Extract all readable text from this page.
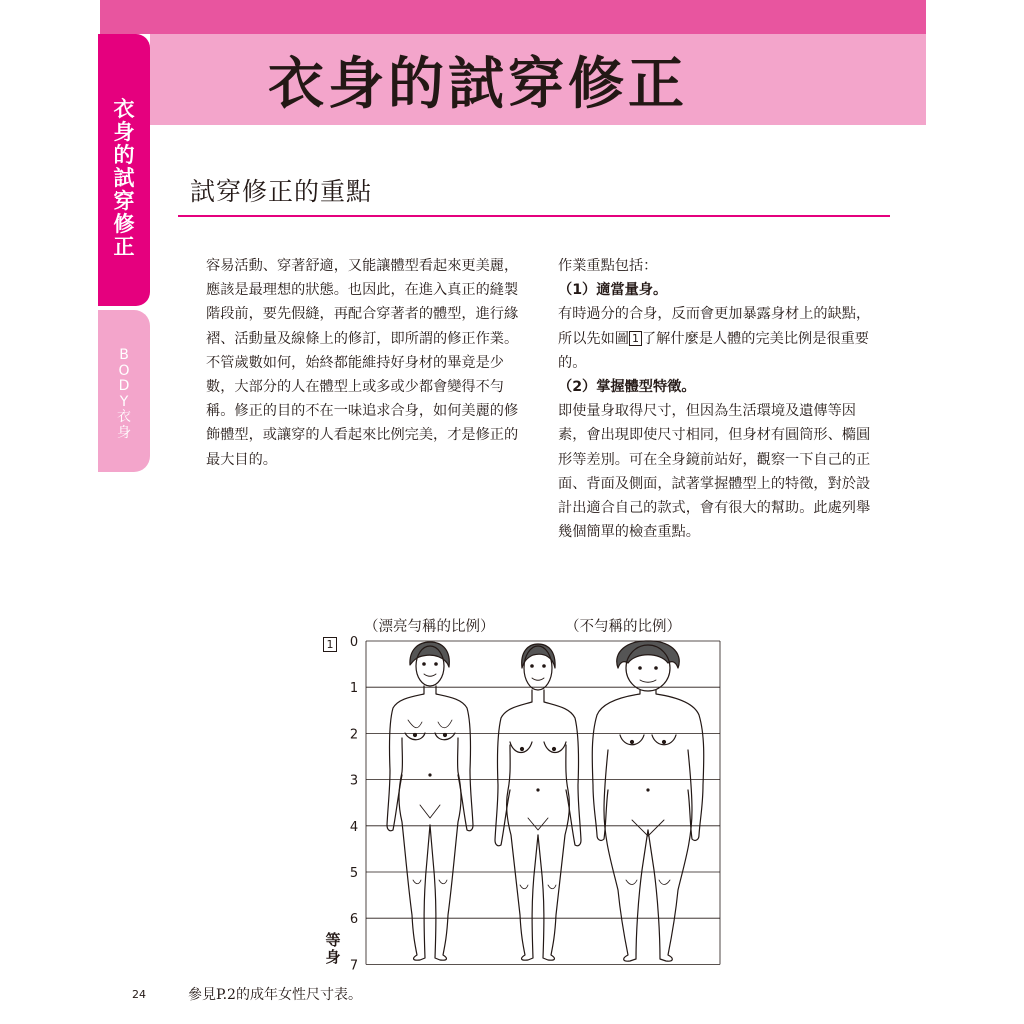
衣身的試穿修正
衣
身
的
試
穿
修
正
B
O
D
Y
衣
身
試穿修正的重點

容易活動、穿著舒適，又能讓體型看起來更美麗，

應該是最理想的狀態。也因此，在進入真正的縫製

階段前，要先假縫，再配合穿著者的體型，進行緣

褶、活動量及線條上的修訂，即所謂的修正作業。

不管歲數如何，始終都能維持好身材的畢竟是少

數，大部分的人在體型上或多或少都會變得不勻

稱。修正的目的不在一味追求合身，如何美麗的修

飾體型，或讓穿的人看起來比例完美，才是修正的

最大目的。

作業重點包括：

（1）適當量身。

有時過分的合身，反而會更加暴露身材上的缺點，

所以先如圖 1 了解什麼是人體的完美比例是很重要

的。

（2）掌握體型特徵。

即使量身取得尺寸，但因為生活環境及遺傳等因

素，會出現即使尺寸相同，但身材有圓筒形、橢圓

形等差別。可在全身鏡前站好，觀察一下自己的正

面、背面及側面，試著掌握體型上的特徵，對於設

計出適合自己的款式，會有很大的幫助。此處列舉

幾個簡單的檢查重點。

1
（漂亮勻稱的比例）	（不勻稱的比例）
等
身
0
1
2
3
4
5
6
7
24	參見P.2的成年女性尺寸表。
